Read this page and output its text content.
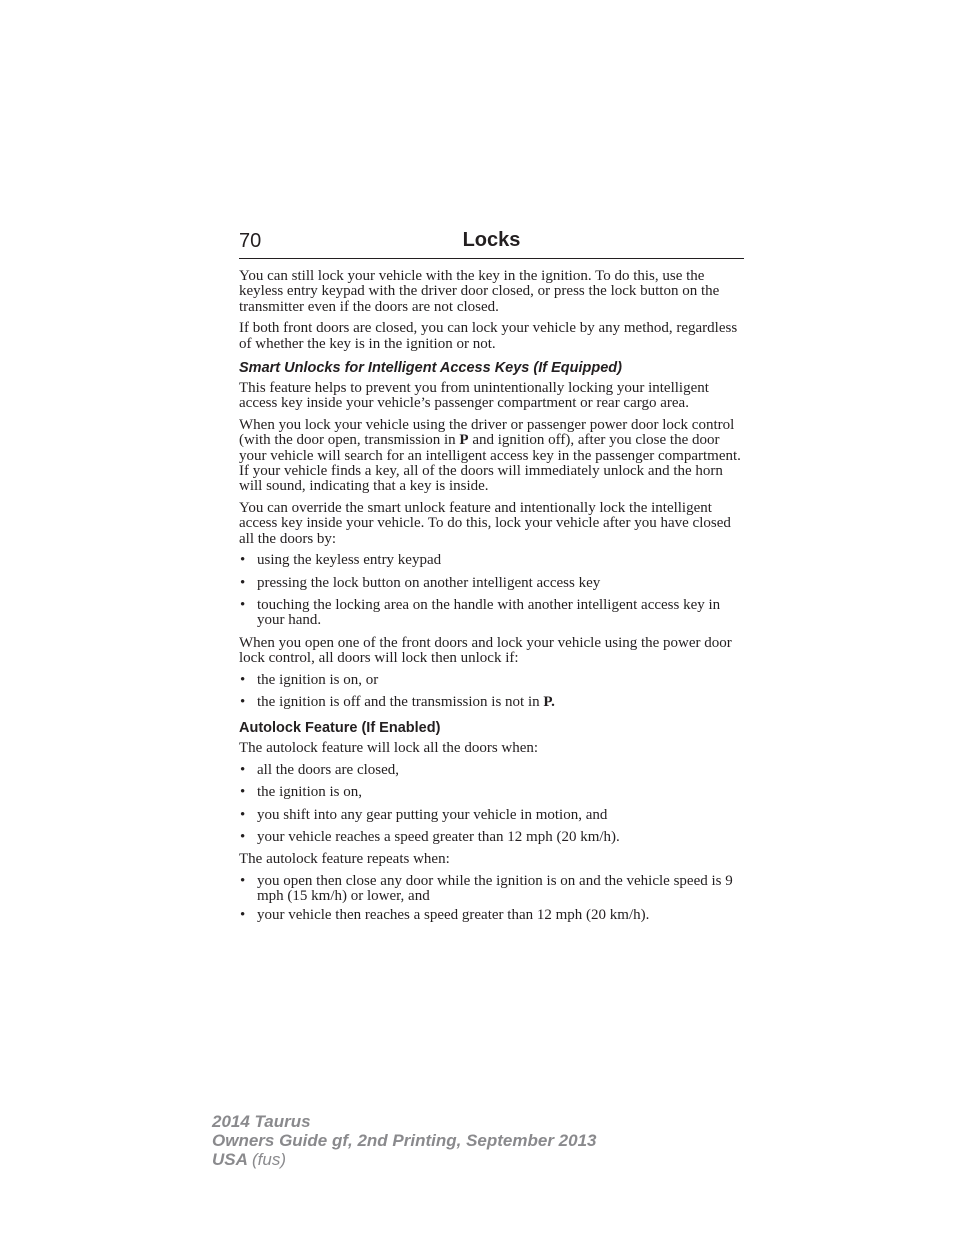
70	Locks

You can still lock your vehicle with the key in the ignition. To do this, use the keyless entry keypad with the driver door closed, or press the lock button on the transmitter even if the doors are not closed.

If both front doors are closed, you can lock your vehicle by any method, regardless of whether the key is in the ignition or not.

Smart Unlocks for Intelligent Access Keys (If Equipped)

This feature helps to prevent you from unintentionally locking your intelligent access key inside your vehicle’s passenger compartment or rear cargo area.

When you lock your vehicle using the driver or passenger power door lock control (with the door open, transmission in P and ignition off), after you close the door your vehicle will search for an intelligent access key in the passenger compartment. If your vehicle finds a key, all of the doors will immediately unlock and the horn will sound, indicating that a key is inside.

You can override the smart unlock feature and intentionally lock the intelligent access key inside your vehicle. To do this, lock your vehicle after you have closed all the doors by:

• using the keyless entry keypad
• pressing the lock button on another intelligent access key
• touching the locking area on the handle with another intelligent access key in your hand.

When you open one of the front doors and lock your vehicle using the power door lock control, all doors will lock then unlock if:

• the ignition is on, or
• the ignition is off and the transmission is not in P.
Autolock Feature (If Enabled)

The autolock feature will lock all the doors when:

• all the doors are closed,
• the ignition is on,
• you shift into any gear putting your vehicle in motion, and
• your vehicle reaches a speed greater than 12 mph (20 km/h).

The autolock feature repeats when:

• you open then close any door while the ignition is on and the vehicle speed is 9 mph (15 km/h) or lower, and
• your vehicle then reaches a speed greater than 12 mph (20 km/h).
2014 Taurus
Owners Guide gf, 2nd Printing, September 2013
USA (fus)
